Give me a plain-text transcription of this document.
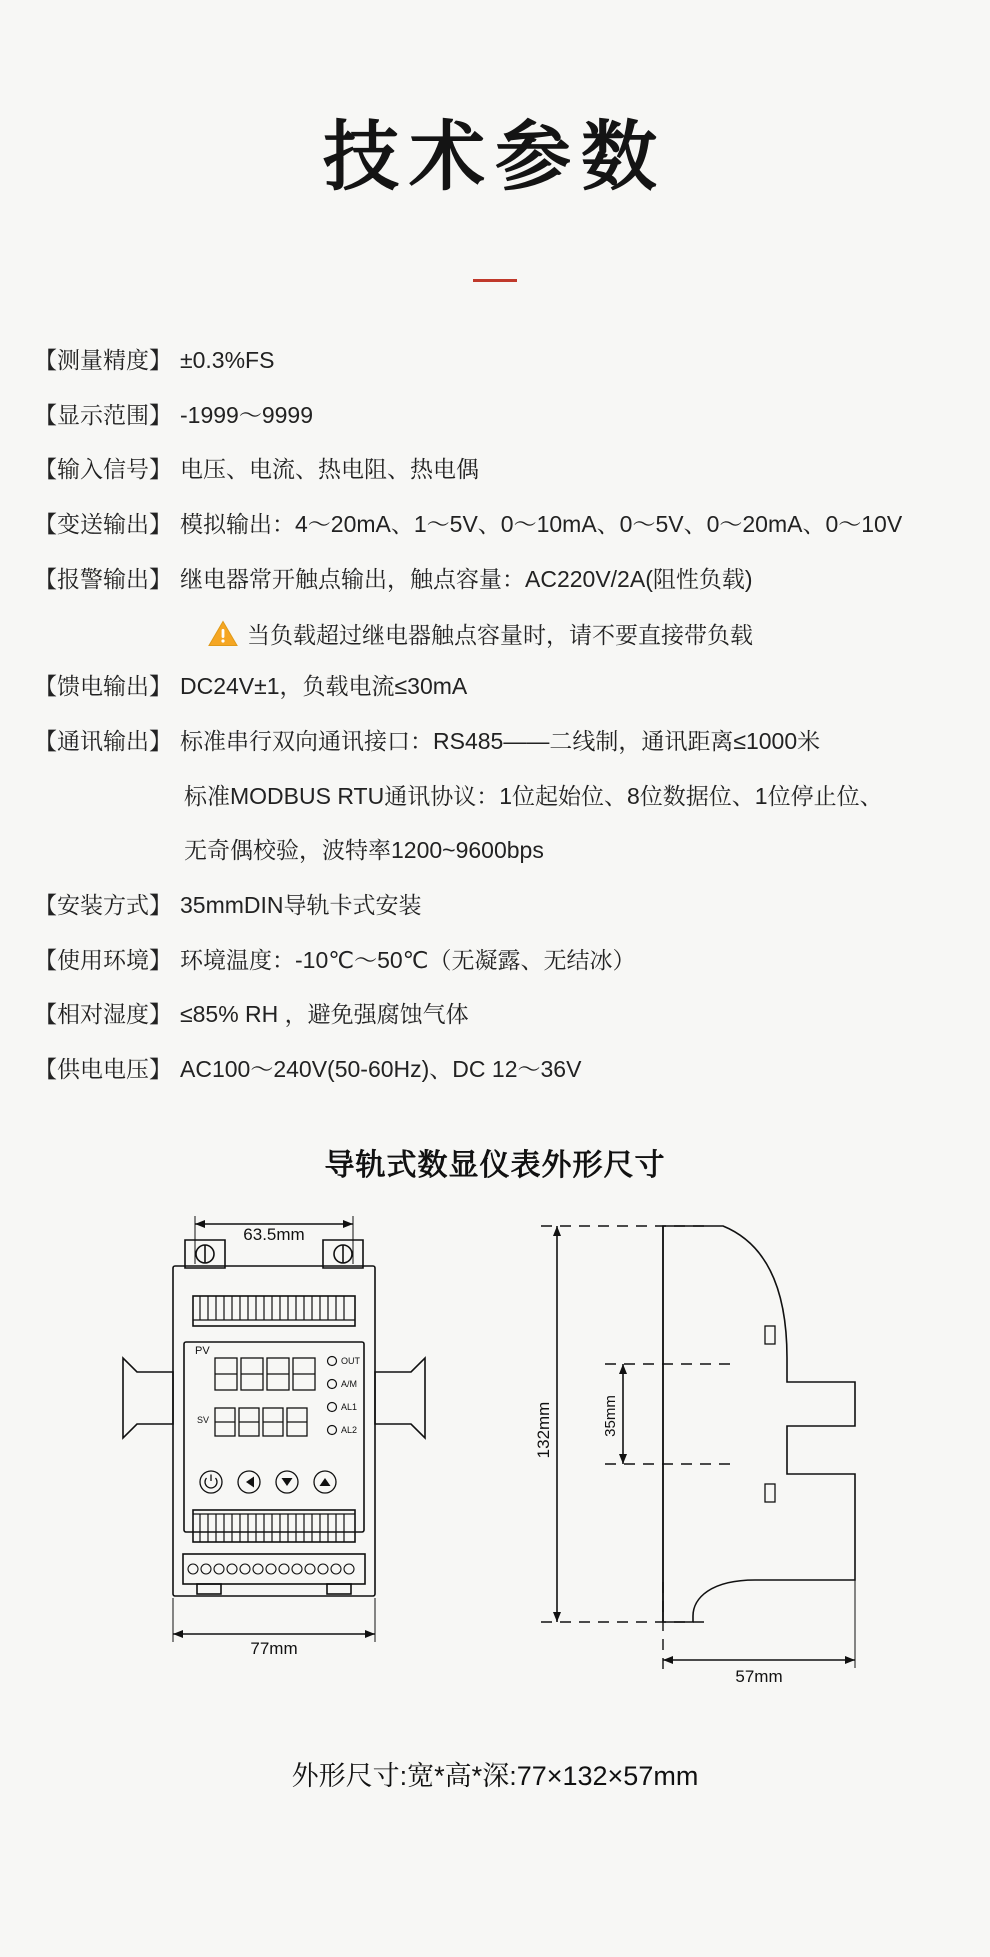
技术参数
【测量精度】 ±0.3%FS
【显示范围】 -1999～9999
【输入信号】 电压、电流、热电阻、热电偶
【变送输出】 模拟输出：4～20mA、1～5V、0～10mA、0～5V、0～20mA、0～10V
【报警输出】 继电器常开触点输出，触点容量：AC220V/2A(阻性负载)
当负载超过继电器触点容量时，请不要直接带负载
【馈电输出】 DC24V±1，负载电流≤30mA
【通讯输出】 标准串行双向通讯接口：RS485——二线制，通讯距离≤1000米
标准MODBUS RTU通讯协议：1位起始位、8位数据位、1位停止位、
无奇偶校验，波特率1200~9600bps
【安装方式】 35mmDIN导轨卡式安装
【使用环境】 环境温度：-10℃～50℃（无凝露、无结冰）
【相对湿度】 ≤85% RH ，避免强腐蚀气体
【供电电压】 AC100～240V(50-60Hz)、DC 12～36V
导轨式数显仪表外形尺寸
63.5mm
77mm
PV
SV
OUT
A/M
AL1
AL2	132mm	35mm
57mm
外形尺寸:宽*高*深:77×132×57mm
